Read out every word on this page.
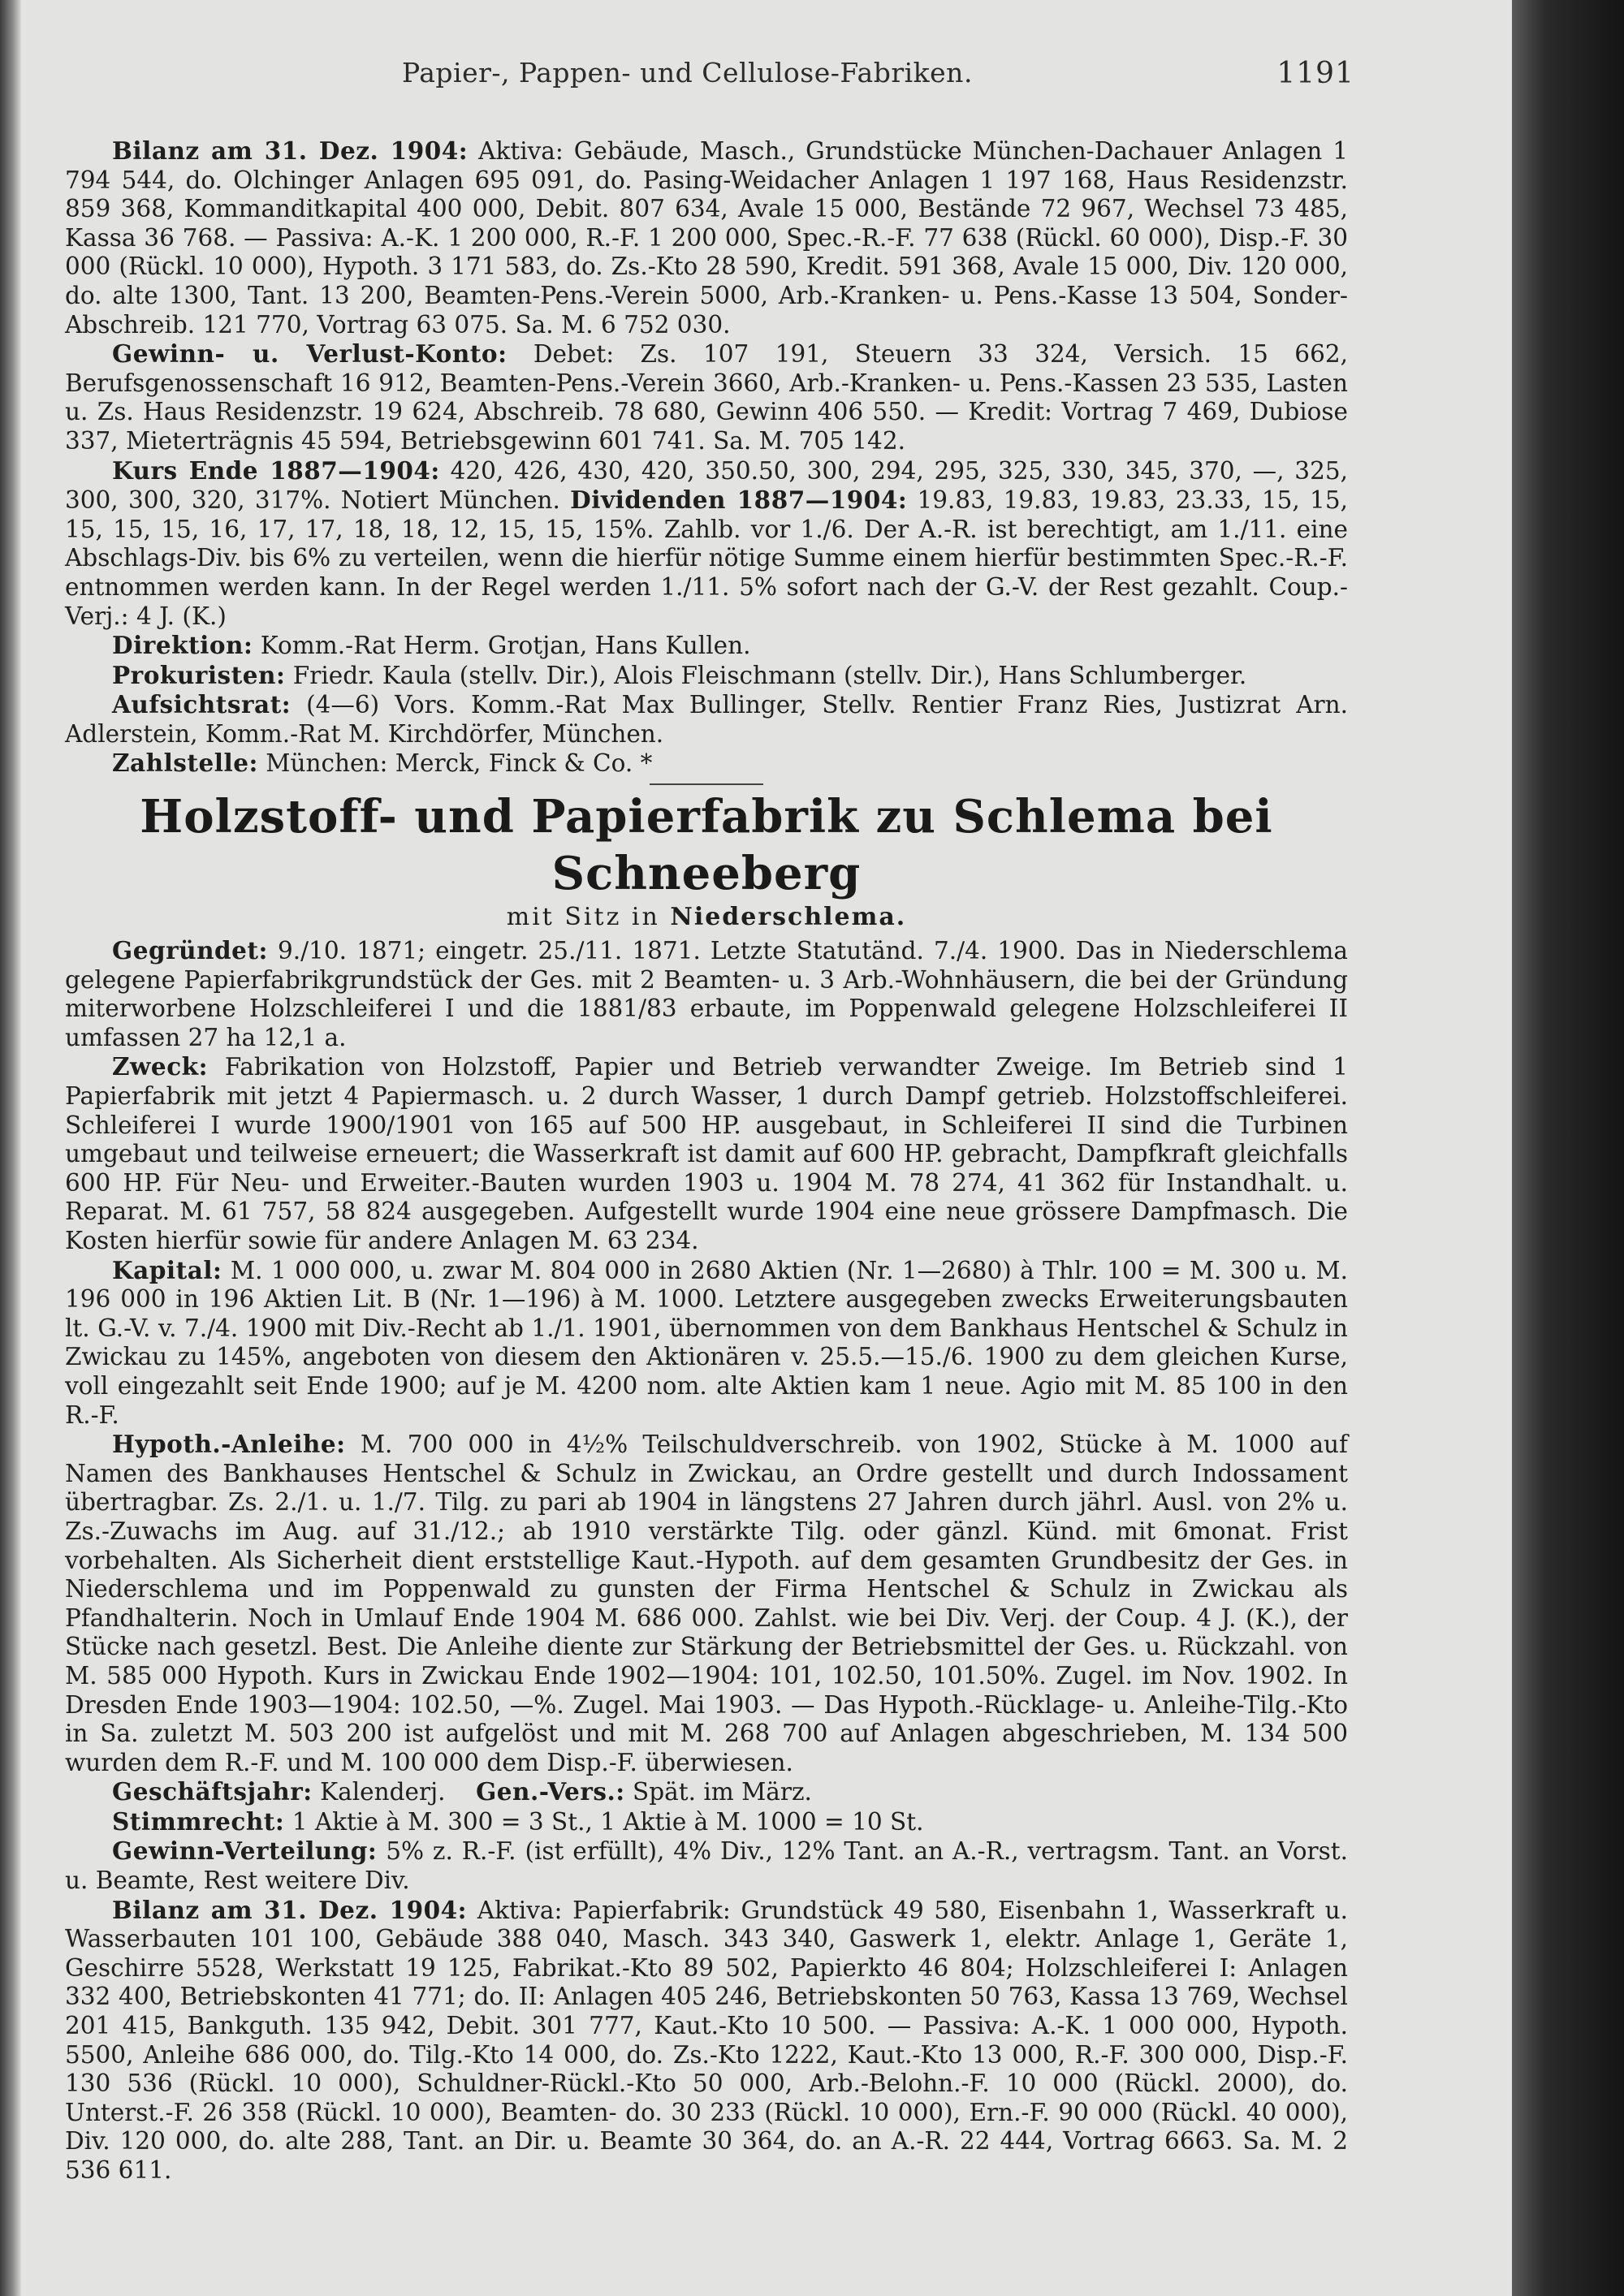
Papier-, Pappen- und Cellulose-Fabriken.	1191

Bilanz am 31. Dez. 1904: Aktiva: Gebäude, Masch., Grundstücke München-Dachauer Anlagen 1 794 544, do. Olchinger Anlagen 695 091, do. Pasing-Weidacher Anlagen 1 197 168, Haus Residenzstr. 859 368, Kommanditkapital 400 000, Debit. 807 634, Avale 15 000, Bestände 72 967, Wechsel 73 485, Kassa 36 768. — Passiva: A.-K. 1 200 000, R.-F. 1 200 000, Spec.-R.-F. 77 638 (Rückl. 60 000), Disp.-F. 30 000 (Rückl. 10 000), Hypoth. 3 171 583, do. Zs.-Kto 28 590, Kredit. 591 368, Avale 15 000, Div. 120 000, do. alte 1300, Tant. 13 200, Beamten-Pens.-Verein 5000, Arb.-Kranken- u. Pens.-Kasse 13 504, Sonder-Abschreib. 121 770, Vortrag 63 075. Sa. M. 6 752 030.

Gewinn- u. Verlust-Konto: Debet: Zs. 107 191, Steuern 33 324, Versich. 15 662, Berufsgenossenschaft 16 912, Beamten-Pens.-Verein 3660, Arb.-Kranken- u. Pens.-Kassen 23 535, Lasten u. Zs. Haus Residenzstr. 19 624, Abschreib. 78 680, Gewinn 406 550. — Kredit: Vortrag 7 469, Dubiose 337, Mieterträgnis 45 594, Betriebsgewinn 601 741. Sa. M. 705 142.

Kurs Ende 1887—1904: 420, 426, 430, 420, 350.50, 300, 294, 295, 325, 330, 345, 370, —, 325, 300, 300, 320, 317%. Notiert München. Dividenden 1887—1904: 19.83, 19.83, 19.83, 23.33, 15, 15, 15, 15, 15, 16, 17, 17, 18, 18, 12, 15, 15, 15%. Zahlb. vor 1./6. Der A.-R. ist berechtigt, am 1./11. eine Abschlags-Div. bis 6% zu verteilen, wenn die hierfür nötige Summe einem hierfür bestimmten Spec.-R.-F. entnommen werden kann. In der Regel werden 1./11. 5% sofort nach der G.-V. der Rest gezahlt. Coup.-Verj.: 4 J. (K.)

Direktion: Komm.-Rat Herm. Grotjan, Hans Kullen.

Prokuristen: Friedr. Kaula (stellv. Dir.), Alois Fleischmann (stellv. Dir.), Hans Schlumberger.

Aufsichtsrat: (4—6) Vors. Komm.-Rat Max Bullinger, Stellv. Rentier Franz Ries, Justizrat Arn. Adlerstein, Komm.-Rat M. Kirchdörfer, München.

Zahlstelle: München: Merck, Finck & Co. *

Holzstoff- und Papierfabrik zu Schlema bei Schneeberg
mit Sitz in Niederschlema.

Gegründet: 9./10. 1871; eingetr. 25./11. 1871. Letzte Statutänd. 7./4. 1900. Das in Niederschlema gelegene Papierfabrikgrundstück der Ges. mit 2 Beamten- u. 3 Arb.-Wohnhäusern, die bei der Gründung miterworbene Holzschleiferei I und die 1881/83 erbaute, im Poppenwald gelegene Holzschleiferei II umfassen 27 ha 12,1 a.

Zweck: Fabrikation von Holzstoff, Papier und Betrieb verwandter Zweige. Im Betrieb sind 1 Papierfabrik mit jetzt 4 Papiermasch. u. 2 durch Wasser, 1 durch Dampf getrieb. Holzstoffschleiferei. Schleiferei I wurde 1900/1901 von 165 auf 500 HP. ausgebaut, in Schleiferei II sind die Turbinen umgebaut und teilweise erneuert; die Wasserkraft ist damit auf 600 HP. gebracht, Dampfkraft gleichfalls 600 HP. Für Neu- und Erweiter.-Bauten wurden 1903 u. 1904 M. 78 274, 41 362 für Instandhalt. u. Reparat. M. 61 757, 58 824 ausgegeben. Aufgestellt wurde 1904 eine neue grössere Dampfmasch. Die Kosten hierfür sowie für andere Anlagen M. 63 234.

Kapital: M. 1 000 000, u. zwar M. 804 000 in 2680 Aktien (Nr. 1—2680) à Thlr. 100 = M. 300 u. M. 196 000 in 196 Aktien Lit. B (Nr. 1—196) à M. 1000. Letztere ausgegeben zwecks Erweiterungsbauten lt. G.-V. v. 7./4. 1900 mit Div.-Recht ab 1./1. 1901, übernommen von dem Bankhaus Hentschel & Schulz in Zwickau zu 145%, angeboten von diesem den Aktionären v. 25.5.—15./6. 1900 zu dem gleichen Kurse, voll eingezahlt seit Ende 1900; auf je M. 4200 nom. alte Aktien kam 1 neue. Agio mit M. 85 100 in den R.-F.

Hypoth.-Anleihe: M. 700 000 in 4½% Teilschuldverschreib. von 1902, Stücke à M. 1000 auf Namen des Bankhauses Hentschel & Schulz in Zwickau, an Ordre gestellt und durch Indossament übertragbar. Zs. 2./1. u. 1./7. Tilg. zu pari ab 1904 in längstens 27 Jahren durch jährl. Ausl. von 2% u. Zs.-Zuwachs im Aug. auf 31./12.; ab 1910 verstärkte Tilg. oder gänzl. Künd. mit 6monat. Frist vorbehalten. Als Sicherheit dient erststellige Kaut.-Hypoth. auf dem gesamten Grundbesitz der Ges. in Niederschlema und im Poppenwald zu gunsten der Firma Hentschel & Schulz in Zwickau als Pfandhalterin. Noch in Umlauf Ende 1904 M. 686 000. Zahlst. wie bei Div. Verj. der Coup. 4 J. (K.), der Stücke nach gesetzl. Best. Die Anleihe diente zur Stärkung der Betriebsmittel der Ges. u. Rückzahl. von M. 585 000 Hypoth. Kurs in Zwickau Ende 1902—1904: 101, 102.50, 101.50%. Zugel. im Nov. 1902. In Dresden Ende 1903—1904: 102.50, —%. Zugel. Mai 1903. — Das Hypoth.-Rücklage- u. Anleihe-Tilg.-Kto in Sa. zuletzt M. 503 200 ist aufgelöst und mit M. 268 700 auf Anlagen abgeschrieben, M. 134 500 wurden dem R.-F. und M. 100 000 dem Disp.-F. überwiesen.

Geschäftsjahr: Kalenderj. Gen.-Vers.: Spät. im März.

Stimmrecht: 1 Aktie à M. 300 = 3 St., 1 Aktie à M. 1000 = 10 St.

Gewinn-Verteilung: 5% z. R.-F. (ist erfüllt), 4% Div., 12% Tant. an A.-R., vertragsm. Tant. an Vorst. u. Beamte, Rest weitere Div.

Bilanz am 31. Dez. 1904: Aktiva: Papierfabrik: Grundstück 49 580, Eisenbahn 1, Wasserkraft u. Wasserbauten 101 100, Gebäude 388 040, Masch. 343 340, Gaswerk 1, elektr. Anlage 1, Geräte 1, Geschirre 5528, Werkstatt 19 125, Fabrikat.-Kto 89 502, Papierkto 46 804; Holzschleiferei I: Anlagen 332 400, Betriebskonten 41 771; do. II: Anlagen 405 246, Betriebskonten 50 763, Kassa 13 769, Wechsel 201 415, Bankguth. 135 942, Debit. 301 777, Kaut.-Kto 10 500. — Passiva: A.-K. 1 000 000, Hypoth. 5500, Anleihe 686 000, do. Tilg.-Kto 14 000, do. Zs.-Kto 1222, Kaut.-Kto 13 000, R.-F. 300 000, Disp.-F. 130 536 (Rückl. 10 000), Schuldner-Rückl.-Kto 50 000, Arb.-Belohn.-F. 10 000 (Rückl. 2000), do. Unterst.-F. 26 358 (Rückl. 10 000), Beamten- do. 30 233 (Rückl. 10 000), Ern.-F. 90 000 (Rückl. 40 000), Div. 120 000, do. alte 288, Tant. an Dir. u. Beamte 30 364, do. an A.-R. 22 444, Vortrag 6663. Sa. M. 2 536 611.
